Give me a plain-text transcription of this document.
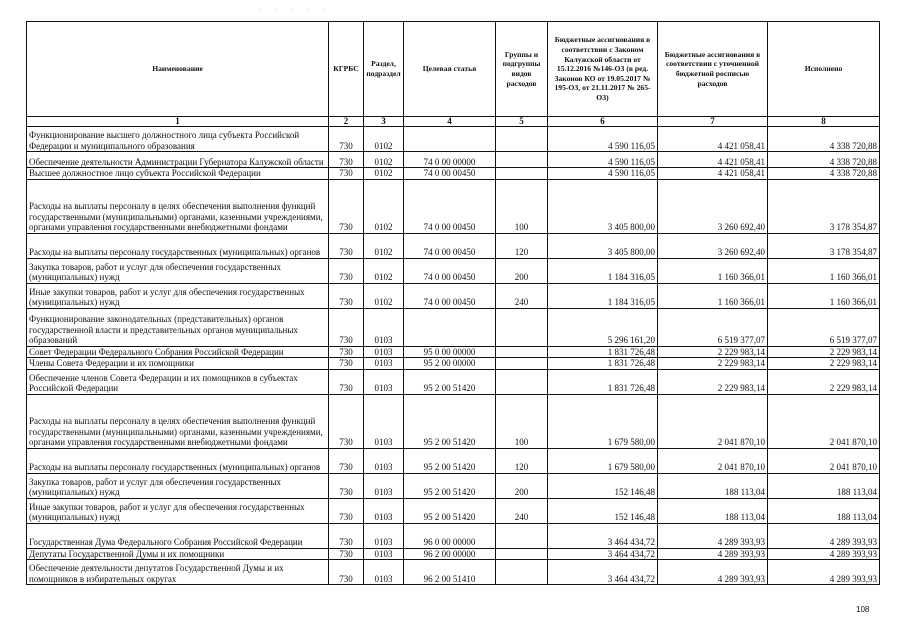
· · · · ·
Наименование	КГРБС	Раздел, подраздел	Целевая статья	Группы и подгруппы видов расходов	Бюджетные ассигнования в соответствии с Законом Калужской области от 15.12.2016 №146-ОЗ (в ред. Законов КО от 19.05.2017 № 195-ОЗ, от 21.11.2017 № 265-ОЗ)	Бюджетные ассигнования в соответствии с уточненной бюджетной росписью расходов	Исполнено
1	2	3	4	5	6	7	8
Функционирование высшего должностного лица субъекта Российской Федерации и муниципального образования	730	0102			4 590 116,05	4 421 058,41	4 338 720,88
Обеспечение деятельности Администрации Губернатора Калужской области	730	0102	74 0 00 00000		4 590 116,05	4 421 058,41	4 338 720,88
Высшее должностное лицо субъекта Российской Федерации	730	0102	74 0 00 00450		4 590 116,05	4 421 058,41	4 338 720,88
Расходы на выплаты персоналу в целях обеспечения выполнения функций государственными (муниципальными) органами, казенными учреждениями, органами управления государственными внебюджетными фондами	730	0102	74 0 00 00450	100	3 405 800,00	3 260 692,40	3 178 354,87
Расходы на выплаты персоналу государственных (муниципальных) органов	730	0102	74 0 00 00450	120	3 405 800,00	3 260 692,40	3 178 354,87
Закупка товаров, работ и услуг для обеспечения государственных (муниципальных) нужд	730	0102	74 0 00 00450	200	1 184 316,05	1 160 366,01	1 160 366,01
Иные закупки товаров, работ и услуг для обеспечения государственных (муниципальных) нужд	730	0102	74 0 00 00450	240	1 184 316,05	1 160 366,01	1 160 366,01
Функционирование законодательных (представительных) органов государственной власти и представительных органов муниципальных образований	730	0103			5 296 161,20	6 519 377,07	6 519 377,07
Совет Федерации Федерального Собрания Российской Федерации	730	0103	95 0 00 00000		1 831 726,48	2 229 983,14	2 229 983,14
Члены Совета Федерации и их помощники	730	0103	95 2 00 00000		1 831 726,48	2 229 983,14	2 229 983,14
Обеспечение членов Совета Федерации и их помощников в субъектах Российской Федерации	730	0103	95 2 00 51420		1 831 726,48	2 229 983,14	2 229 983,14
Расходы на выплаты персоналу в целях обеспечения выполнения функций государственными (муниципальными) органами, казенными учреждениями, органами управления государственными внебюджетными фондами	730	0103	95 2 00 51420	100	1 679 580,00	2 041 870,10	2 041 870,10
Расходы на выплаты персоналу государственных (муниципальных) органов	730	0103	95 2 00 51420	120	1 679 580,00	2 041 870,10	2 041 870,10
Закупка товаров, работ и услуг для обеспечения государственных (муниципальных) нужд	730	0103	95 2 00 51420	200	152 146,48	188 113,04	188 113,04
Иные закупки товаров, работ и услуг для обеспечения государственных (муниципальных) нужд	730	0103	95 2 00 51420	240	152 146,48	188 113,04	188 113,04
Государственная Дума Федерального Собрания Российской Федерации	730	0103	96 0 00 00000		3 464 434,72	4 289 393,93	4 289 393,93
Депутаты Государственной Думы и их помощники	730	0103	96 2 00 00000		3 464 434,72	4 289 393,93	4 289 393,93
Обеспечение деятельности депутатов Государственной Думы и их помощников в избирательных округах	730	0103	96 2 00 51410		3 464 434,72	4 289 393,93	4 289 393,93
108
